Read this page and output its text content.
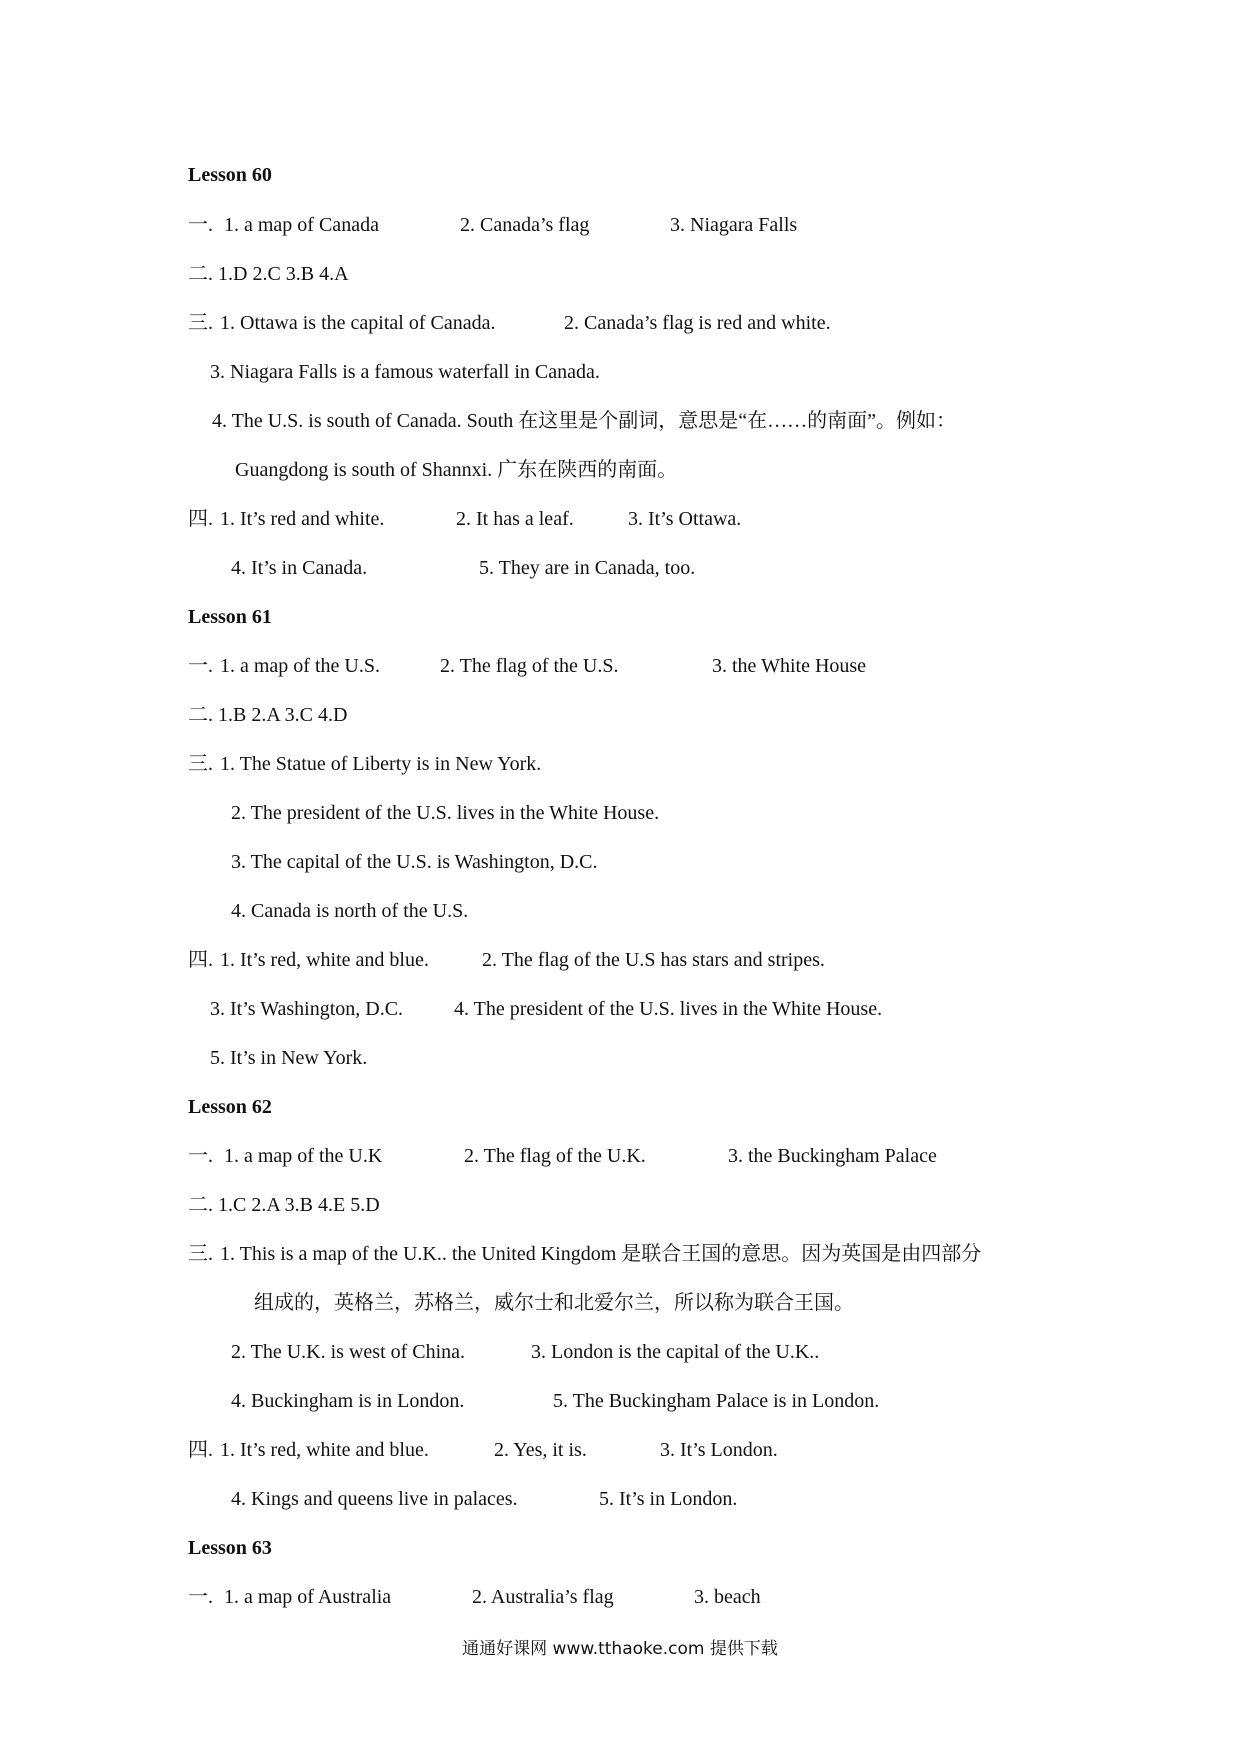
Lesson 60
一. 1. a map of Canada	2. Canada’s flag	3. Niagara Falls
二. 1.D 2.C 3.B 4.A
三. 1. Ottawa is the capital of Canada.	2. Canada’s flag is red and white.
3. Niagara Falls is a famous waterfall in Canada.
4. The U.S. is south of Canada. South 在这里是个副词，意思是“在……的南面”。例如：
Guangdong is south of Shannxi. 广东在陕西的南面。
四. 1. It’s red and white.	2. It has a leaf.	3. It’s Ottawa.
4. It’s in Canada.	5. They are in Canada, too.
Lesson 61
一. 1. a map of the U.S.	2. The flag of the U.S.	3. the White House
二. 1.B 2.A 3.C 4.D
三. 1. The Statue of Liberty is in New York.
2. The president of the U.S. lives in the White House.
3. The capital of the U.S. is Washington, D.C.
4. Canada is north of the U.S.
四. 1. It’s red, white and blue.	2. The flag of the U.S has stars and stripes.
3. It’s Washington, D.C.	4. The president of the U.S. lives in the White House.
5. It’s in New York.
Lesson 62
一. 1. a map of the U.K	2. The flag of the U.K.	3. the Buckingham Palace
二. 1.C 2.A 3.B 4.E 5.D
三. 1. This is a map of the U.K.. the United Kingdom 是联合王国的意思。因为英国是由四部分
组成的，英格兰，苏格兰，威尔士和北爱尔兰，所以称为联合王国。
2. The U.K. is west of China.	3. London is the capital of the U.K..
4. Buckingham is in London.	5. The Buckingham Palace is in London.
四. 1. It’s red, white and blue.	2. Yes, it is.	3. It’s London.
4. Kings and queens live in palaces.	5. It’s in London.
Lesson 63
一. 1. a map of Australia	2. Australia’s flag	3. beach
通通好课网 www.tthaoke.com 提供下载
